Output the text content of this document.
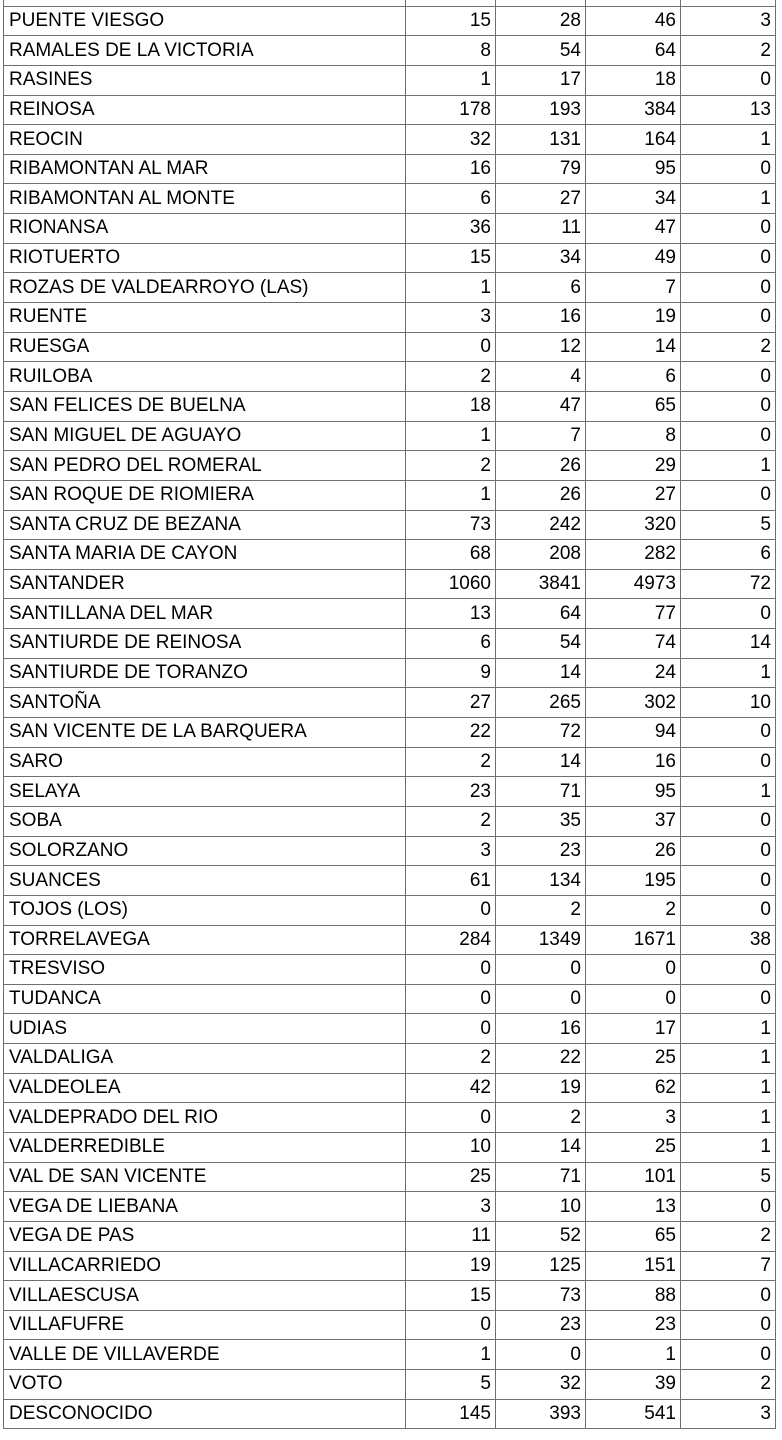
PUENTE VIESGO	15	28	46	3
RAMALES DE LA VICTORIA	8	54	64	2
RASINES	1	17	18	0
REINOSA	178	193	384	13
REOCIN	32	131	164	1
RIBAMONTAN AL MAR	16	79	95	0
RIBAMONTAN AL MONTE	6	27	34	1
RIONANSA	36	11	47	0
RIOTUERTO	15	34	49	0
ROZAS DE VALDEARROYO (LAS)	1	6	7	0
RUENTE	3	16	19	0
RUESGA	0	12	14	2
RUILOBA	2	4	6	0
SAN FELICES DE BUELNA	18	47	65	0
SAN MIGUEL DE AGUAYO	1	7	8	0
SAN PEDRO DEL ROMERAL	2	26	29	1
SAN ROQUE DE RIOMIERA	1	26	27	0
SANTA CRUZ DE BEZANA	73	242	320	5
SANTA MARIA DE CAYON	68	208	282	6
SANTANDER	1060	3841	4973	72
SANTILLANA DEL MAR	13	64	77	0
SANTIURDE DE REINOSA	6	54	74	14
SANTIURDE DE TORANZO	9	14	24	1
SANTOÑA	27	265	302	10
SAN VICENTE DE LA BARQUERA	22	72	94	0
SARO	2	14	16	0
SELAYA	23	71	95	1
SOBA	2	35	37	0
SOLORZANO	3	23	26	0
SUANCES	61	134	195	0
TOJOS (LOS)	0	2	2	0
TORRELAVEGA	284	1349	1671	38
TRESVISO	0	0	0	0
TUDANCA	0	0	0	0
UDIAS	0	16	17	1
VALDALIGA	2	22	25	1
VALDEOLEA	42	19	62	1
VALDEPRADO DEL RIO	0	2	3	1
VALDERREDIBLE	10	14	25	1
VAL DE SAN VICENTE	25	71	101	5
VEGA DE LIEBANA	3	10	13	0
VEGA DE PAS	11	52	65	2
VILLACARRIEDO	19	125	151	7
VILLAESCUSA	15	73	88	0
VILLAFUFRE	0	23	23	0
VALLE DE VILLAVERDE	1	0	1	0
VOTO	5	32	39	2
DESCONOCIDO	145	393	541	3
